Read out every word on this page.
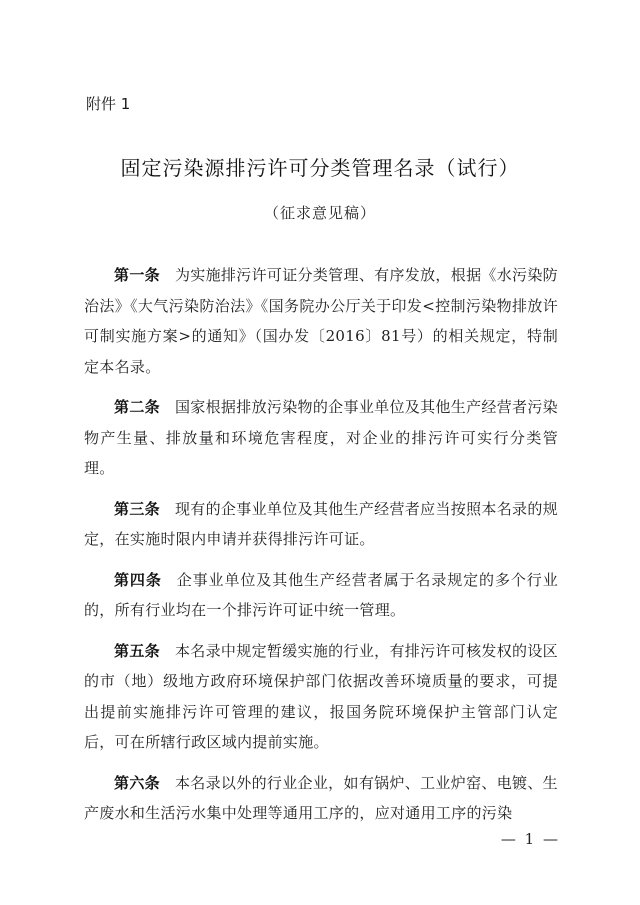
附件 1
固定污染源排污许可分类管理名录（试行）
（征求意见稿）

第一条 为实施排污许可证分类管理、有序发放，根据《水污染防治法》《大气污染防治法》《国务院办公厅关于印发<控制污染物排放许可制实施方案>的通知》（国办发〔2016〕81号）的相关规定，特制定本名录。

第二条 国家根据排放污染物的企事业单位及其他生产经营者污染物产生量、排放量和环境危害程度，对企业的排污许可实行分类管理。

第三条 现有的企事业单位及其他生产经营者应当按照本名录的规定，在实施时限内申请并获得排污许可证。

第四条 企事业单位及其他生产经营者属于名录规定的多个行业的，所有行业均在一个排污许可证中统一管理。

第五条 本名录中规定暂缓实施的行业，有排污许可核发权的设区的市（地）级地方政府环境保护部门依据改善环境质量的要求，可提出提前实施排污许可管理的建议，报国务院环境保护主管部门认定后，可在所辖行政区域内提前实施。

第六条 本名录以外的行业企业，如有锅炉、工业炉窑、电镀、生产废水和生活污水集中处理等通用工序的，应对通用工序的污染

— 1 —
